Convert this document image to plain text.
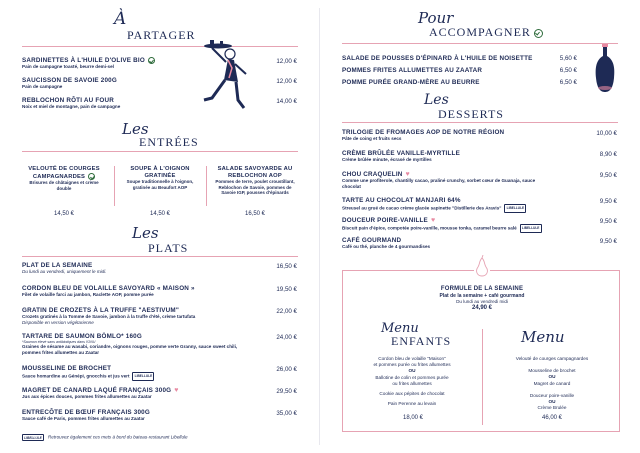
À
PARTAGER
SARDINETTES À L'HUILE D'OLIVE BIO
Pain de campagne toasté, beurre demi-sel
12,00 €
SAUCISSON DE SAVOIE 200G
Pain de campagne
12,00 €
REBLOCHON RÔTI AU FOUR
Noix et miel de montagne, pain de campagne
14,00 €
Les
ENTRÉES
VELOUTÉ DE COURGES CAMPAGNARDES
Brisures de châtaignes et crème double
14,50 €
SOUPE À L'OIGNON GRATINÉE
Soupe traditionnelle à l'oignon, gratinée au Beaufort AOP
14,50 €
SALADE SAVOYARDE AU REBLOCHON AOP
Pommes de terre, poulet croustillant, Reblochon de Savoie, pommes de Savoie IGP, pousses d'épinards
16,50 €
Les
PLATS
PLAT DE LA SEMAINE
Du lundi au vendredi, uniquement le midi.
16,50 €
CORDON BLEU DE VOLAILLE SAVOYARD « MAISON »
Filet de volaille farci au jambon, Raclette AOP, pomme purée
19,50 €
GRATIN DE CROZETS À LA TRUFFE "AESTIVUM"
Crozets gratinés à la Tomme de Savoie, jambon à la truffe d'été, crème tartufata
Disponible en version végétarienne
22,00 €
TARTARE DE SAUMON BÖMLO* 160G
*Saumon élevé sans antibiotiques dans l'ONU
Graines de sésame au wasabi, coriandre, oignons rouges, pomme verte Granny, sauce sweet chili, pommes frites allumettes au Zaatar
24,00 €
MOUSSELINE DE BROCHET
Sauce homardine au Génépi, gnocchis et jus vert LIBELLULE
26,00 €
MAGRET DE CANARD LAQUÉ FRANÇAIS 300G ♥
Jus aux épices douces, pommes frites allumettes au Zaatar
29,50 €
ENTRECÔTE DE BŒUF FRANÇAIS 300G
Sauce café de Paris, pommes frites allumettes au Zaatar
35,00 €
LIBELLULE Retrouvez également ces mets à bord du bateau-restaurant Libellule
Pour
ACCOMPAGNER
SALADE DE POUSSES D'ÉPINARD À L'HUILE DE NOISETTE	5,60 €
POMMES FRITES ALLUMETTES AU ZAATAR	6,50 €
POMME PURÉE GRAND-MÈRE AU BEURRE	6,50 €
Les
DESSERTS
TRILOGIE DE FROMAGES AOP DE NOTRE RÉGION
Pâte de coing et fruits secs
10,00 €
CRÈME BRÛLÉE VANILLE-MYRTILLE
Crème brûlée minute, écrasé de myrtilles
8,90 €
CHOU CRAQUELIN ♥
Comme une profiterole, chantilly cacao, praliné crunchy, sorbet cœur de Guanaja, sauce chocolat
9,50 €
TARTE AU CHOCOLAT MANJARI 64%
Streusel au grué de cacao crème glacée sapinette "Distillerie des Aravis" LIBELLULE
9,50 €
DOUCEUR POIRE-VANILLE ♥
Biscuit pain d'épice, compotée poire-vanille, mousse tonka, caramel beurre salé LIBELLULE
9,50 €
CAFÉ GOURMAND
Café ou thé, planche de 4 gourmandises
9,50 €
FORMULE DE LA SEMAINE
Plat de la semaine + café gourmand
Du lundi au vendredi midi
24,90 €
Menu
ENFANTS
Cordon bleu de volaille "Maison"
et pommes purée ou frites allumettes
OU
Ballotine de colin et pommes purée
ou frites allumettes
Cookie aux pépites de chocolat
Pain Perenne au levain
18,00 €
Menu
Velouté de courges campagnardes
Mousseline de brochet
OU
Magret de canard
Douceur poire-vanille
OU
Crème Brulée
46,00 €
